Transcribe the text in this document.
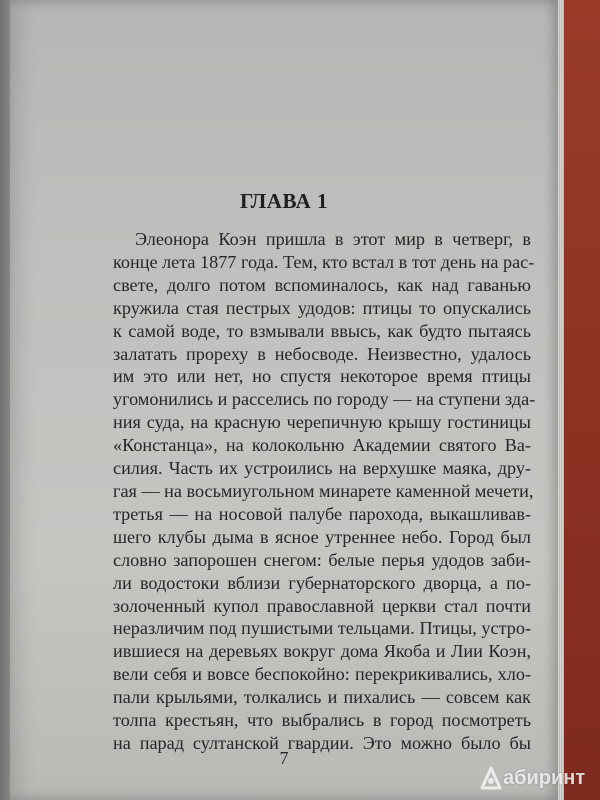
ГЛАВА 1
Элеонора Коэн пришла в этот мир в четверг, в
конце лета 1877 года. Тем, кто встал в тот день на рас-
свете, долго потом вспоминалось, как над гаванью
кружила стая пестрых удодов: птицы то опускались
к самой воде, то взмывали ввысь, как будто пытаясь
залатать прореху в небосводе. Неизвестно, удалось
им это или нет, но спустя некоторое время птицы
угомонились и расселись по городу — на ступени зда-
ния суда, на красную черепичную крышу гостиницы
«Констанца», на колокольню Академии святого Ва-
силия. Часть их устроились на верхушке маяка, дру-
гая — на восьмиугольном минарете каменной мечети,
третья — на носовой палубе парохода, выкашливав-
шего клубы дыма в ясное утреннее небо. Город был
словно запорошен снегом: белые перья удодов заби-
ли водостоки вблизи губернаторского дворца, а по-
золоченный купол православной церкви стал почти
неразличим под пушистыми тельцами. Птицы, устро-
ившиеся на деревьях вокруг дома Якоба и Лии Коэн,
вели себя и вовсе беспокойно: перекрикивались, хло-
пали крыльями, толкались и пихались — совсем как
толпа крестьян, что выбрались в город посмотреть
на парад султанской гвардии. Это можно было бы
7
абиринт
